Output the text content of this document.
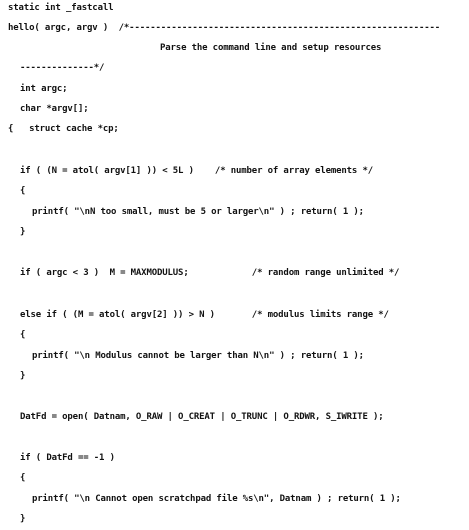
static int _fastcall
hello( argc, argv )  /*-----------------------------------------------------------
Parse the command line and setup resources
--------------*/
int argc;
char *argv[];
{   struct cache *cp;
if ( (N = atol( argv[1] )) < 5L )    /* number of array elements */
{
printf( "\nN too small, must be 5 or larger\n" ) ; return( 1 );
}
if ( argc < 3 )  M = MAXMODULUS;            /* random range unlimited */
else if ( (M = atol( argv[2] )) > N )       /* modulus limits range */
{
printf( "\n Modulus cannot be larger than N\n" ) ; return( 1 );
}
DatFd = open( Datnam, O_RAW | O_CREAT | O_TRUNC | O_RDWR, S_IWRITE );
if ( DatFd == -1 )
{
printf( "\n Cannot open scratchpad file %s\n", Datnam ) ; return( 1 );
}
